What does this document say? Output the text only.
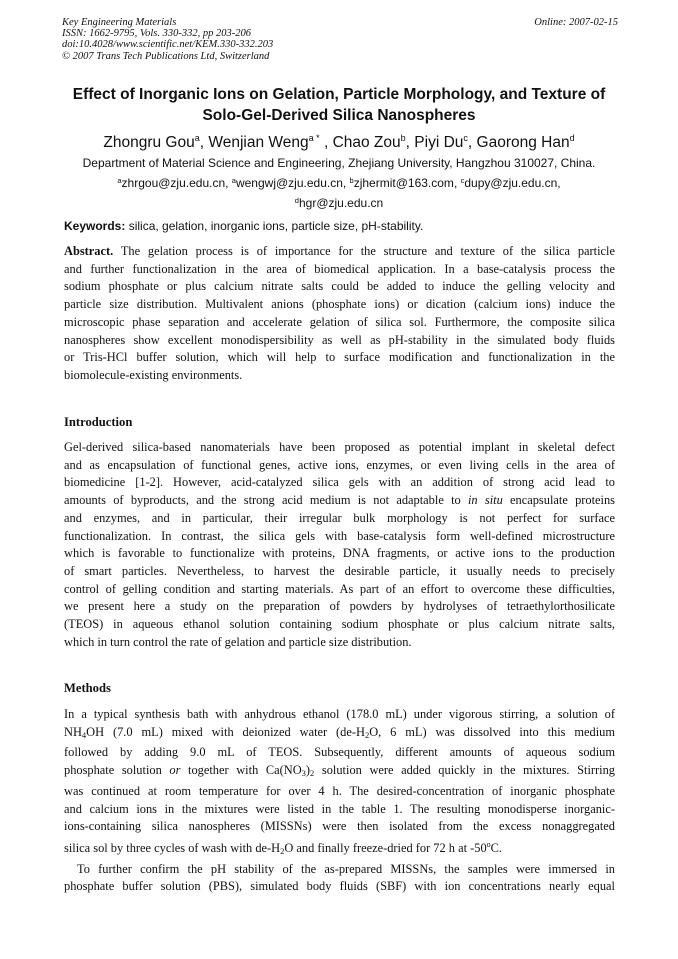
Key Engineering Materials
ISSN: 1662-9795, Vols. 330-332, pp 203-206
doi:10.4028/www.scientific.net/KEM.330-332.203
© 2007 Trans Tech Publications Ltd, Switzerland
Online: 2007-02-15
Effect of Inorganic Ions on Gelation, Particle Morphology, and Texture of
Solo-Gel-Derived Silica Nanospheres
Zhongru Gou$^a$, Wenjian Weng$^{a *}$ , Chao Zou$^b$, Piyi Du$^c$, Gaorong Han$^d$
Department of Material Science and Engineering, Zhejiang University, Hangzhou 310027, China.
$^a$zhrgou@zju.edu.cn, $^a$wengwj@zju.edu.cn, $^b$zjhermit@163.com, $^c$dupy@zju.edu.cn,
$^d$hgr@zju.edu.cn
Keywords: silica, gelation, inorganic ions, particle size, pH-stability.
Abstract. The gelation process is of importance for the structure and texture of the silica particle
and further functionalization in the area of biomedical application. In a base-catalysis process the
sodium phosphate or plus calcium nitrate salts could be added to induce the gelling velocity and
particle size distribution. Multivalent anions (phosphate ions) or dication (calcium ions) induce the
microscopic phase separation and accelerate gelation of silica sol. Furthermore, the composite silica
nanospheres show excellent monodispersibility as well as pH-stability in the simulated body fluids
or Tris-HCl buffer solution, which will help to surface modification and functionalization in the
biomolecule-existing environments.
Introduction
Gel-derived silica-based nanomaterials have been proposed as potential implant in skeletal defect
and as encapsulation of functional genes, active ions, enzymes, or even living cells in the area of
biomedicine [1-2]. However, acid-catalyzed silica gels with an addition of strong acid lead to
amounts of byproducts, and the strong acid medium is not adaptable to in situ encapsulate proteins
and enzymes, and in particular, their irregular bulk morphology is not perfect for surface
functionalization. In contrast, the silica gels with base-catalysis form well-defined microstructure
which is favorable to functionalize with proteins, DNA fragments, or active ions to the production
of smart particles. Nevertheless, to harvest the desirable particle, it usually needs to precisely
control of gelling condition and starting materials. As part of an effort to overcome these difficulties,
we present here a study on the preparation of powders by hydrolyses of tetraethylorthosilicate
(TEOS) in aqueous ethanol solution containing sodium phosphate or plus calcium nitrate salts,
which in turn control the rate of gelation and particle size distribution.
Methods
In a typical synthesis bath with anhydrous ethanol (178.0 mL) under vigorous stirring, a solution of
$NH_4OH$ (7.0 mL) mixed with deionized water ($de-H_2O$, 6 mL) was dissolved into this medium
followed by adding 9.0 mL of TEOS. Subsequently, different amounts of aqueous sodium
phosphate solution or together with $Ca(NO_3)_2$ solution were added quickly in the mixtures. Stirring
was continued at room temperature for over 4 h. The desired-concentration of inorganic phosphate
and calcium ions in the mixtures were listed in the table 1. The resulting monodisperse inorganic-
ions-containing silica nanospheres (MISSNs) were then isolated from the excess nonaggregated
silica sol by three cycles of wash with $de-H_2O$ and finally freeze-dried for 72 h at -50$^o$C.
To further confirm the pH stability of the as-prepared MISSNs, the samples were immersed in
phosphate buffer solution (PBS), simulated body fluids (SBF) with ion concentrations nearly equal
